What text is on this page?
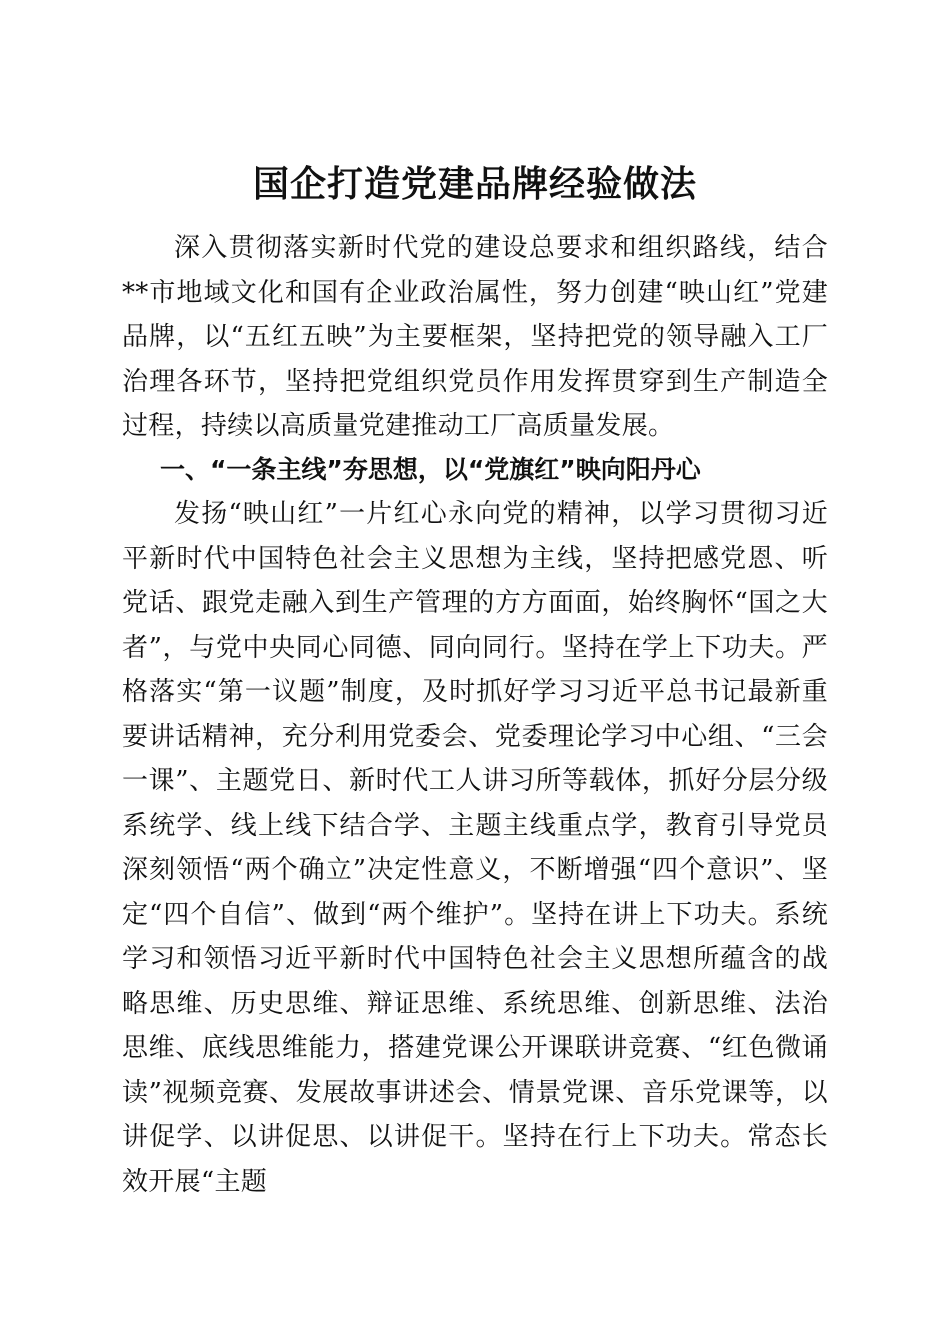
国企打造党建品牌经验做法

深入贯彻落实新时代党的建设总要求和组织路线，结合**市地域文化和国有企业政治属性，努力创建“映山红”党建品牌，以“五红五映”为主要框架，坚持把党的领导融入工厂治理各环节，坚持把党组织党员作用发挥贯穿到生产制造全过程，持续以高质量党建推动工厂高质量发展。

一、“一条主线”夯思想，以“党旗红”映向阳丹心

发扬“映山红”一片红心永向党的精神，以学习贯彻习近平新时代中国特色社会主义思想为主线，坚持把感党恩、听党话、跟党走融入到生产管理的方方面面，始终胸怀“国之大者”，与党中央同心同德、同向同行。坚持在学上下功夫。严格落实“第一议题”制度，及时抓好学习习近平总书记最新重要讲话精神，充分利用党委会、党委理论学习中心组、“三会一课”、主题党日、新时代工人讲习所等载体，抓好分层分级系统学、线上线下结合学、主题主线重点学，教育引导党员深刻领悟“两个确立”决定性意义，不断增强“四个意识”、坚定“四个自信”、做到“两个维护”。坚持在讲上下功夫。系统学习和领悟习近平新时代中国特色社会主义思想所蕴含的战略思维、历史思维、辩证思维、系统思维、创新思维、法治思维、底线思维能力，搭建党课公开课联讲竞赛、“红色微诵读”视频竞赛、发展故事讲述会、情景党课、音乐党课等，以讲促学、以讲促思、以讲促干。坚持在行上下功夫。常态长效开展“主题
